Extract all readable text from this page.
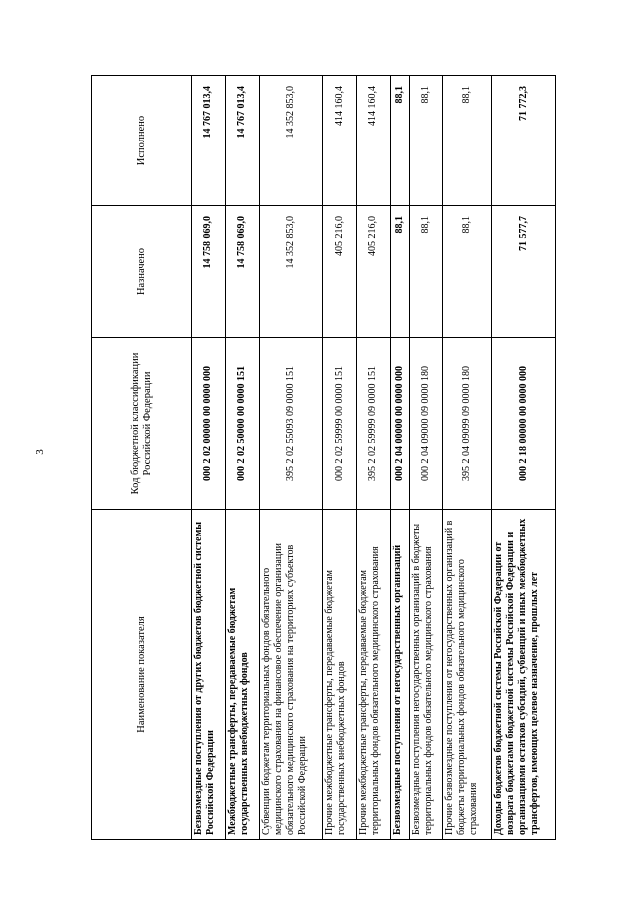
3
Наименование показателя	Код бюджетной классификации Российской Федерации	Назначено	Исполнено
Безвозмездные поступления от других бюджетов бюджетной системы Российской Федерации	000 2 02 00000 00 0000 000	14 758 069,0	14 767 013,4
Межбюджетные трансферты, передаваемые бюджетам государственных внебюджетных фондов	000 2 02 50000 00 0000 151	14 758 069,0	14 767 013,4
Субвенции бюджетам территориальных фондов обязательного медицинского страхования на финансовое обеспечение организации обязательного медицинского страхования на территориях субъектов Российской Федерации	395 2 02 55093 09 0000 151	14 352 853,0	14 352 853,0
Прочие межбюджетные трансферты, передаваемые бюджетам государственных внебюджетных фондов	000 2 02 59999 00 0000 151	405 216,0	414 160,4
Прочие межбюджетные трансферты, передаваемые бюджетам территориальных фондов обязательного медицинского страхования	395 2 02 59999 09 0000 151	405 216,0	414 160,4
Безвозмездные поступления от негосударственных организаций	000 2 04 00000 00 0000 000	88,1	88,1
Безвозмездные поступления негосударственных организаций в бюджеты территориальных фондов обязательного медицинского страхования	000 2 04 09000 09 0000 180	88,1	88,1
Прочие безвозмездные поступления от негосударственных организаций в бюджеты территориальных фондов обязательного медицинского страхования	395 2 04 09099 09 0000 180	88,1	88,1
Доходы бюджетов бюджетной системы Российской Федерации от возврата бюджетами бюджетной системы Российской Федерации и организациями остатков субсидий, субвенций и иных межбюджетных трансфертов, имеющих целевое назначение, прошлых лет	000 2 18 00000 00 0000 000	71 577,7	71 772,3
